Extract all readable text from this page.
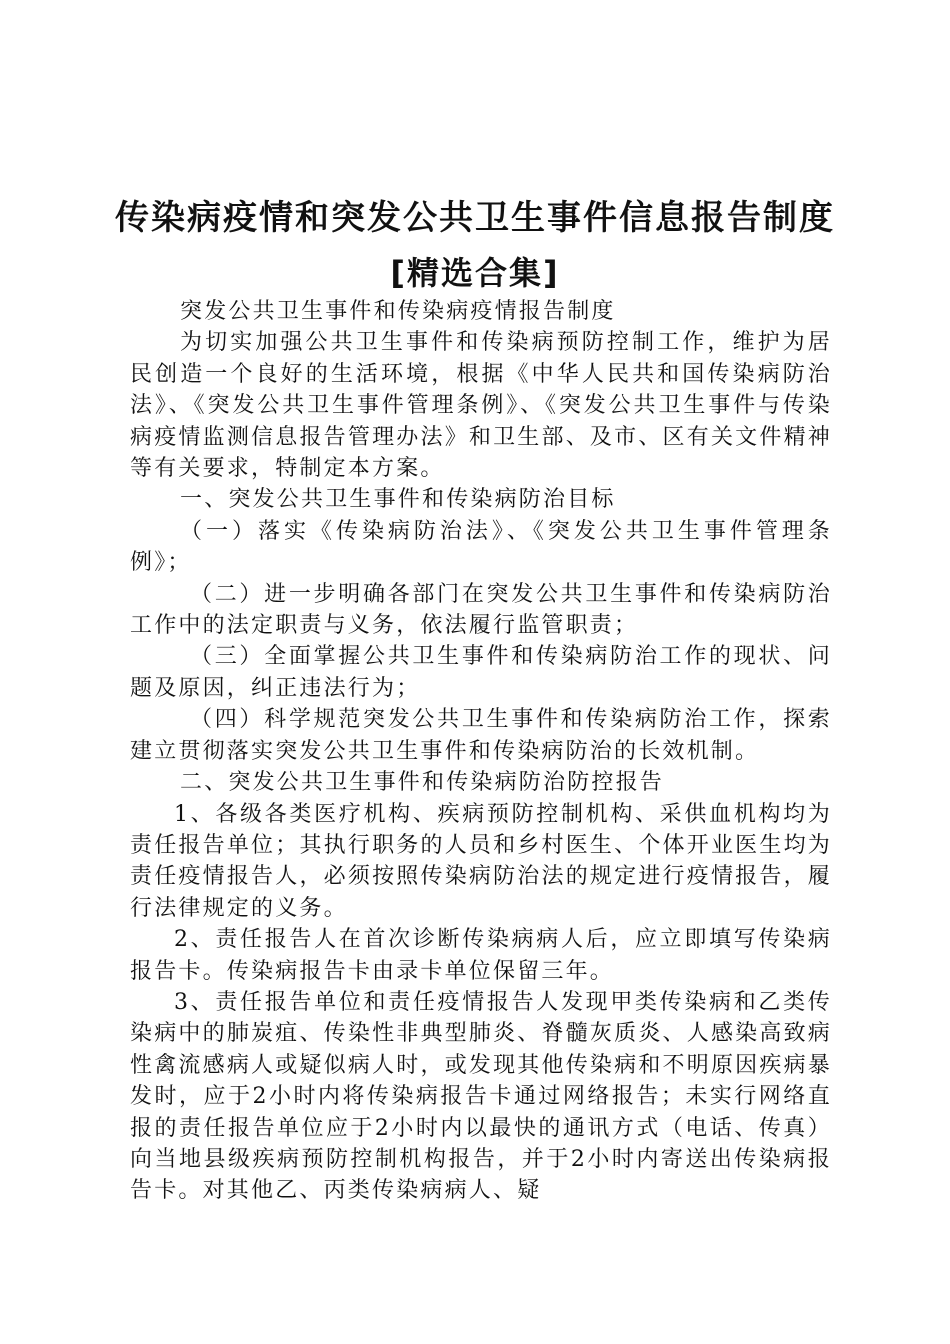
传染病疫情和突发公共卫生事件信息报告制度
[精选合集]

突发公共卫生事件和传染病疫情报告制度

为切实加强公共卫生事件和传染病预防控制工作，维护为居民创造一个良好的生活环境，根据《中华人民共和国传染病防治法》、《突发公共卫生事件管理条例》、《突发公共卫生事件与传染病疫情监测信息报告管理办法》和卫生部、及市、区有关文件精神等有关要求，特制定本方案。

一、突发公共卫生事件和传染病防治目标

（一）落实《传染病防治法》、《突发公共卫生事件管理条例》；

（二）进一步明确各部门在突发公共卫生事件和传染病防治工作中的法定职责与义务，依法履行监管职责；

（三）全面掌握公共卫生事件和传染病防治工作的现状、问题及原因，纠正违法行为；

（四）科学规范突发公共卫生事件和传染病防治工作，探索建立贯彻落实突发公共卫生事件和传染病防治的长效机制。

二、突发公共卫生事件和传染病防治防控报告

1、各级各类医疗机构、疾病预防控制机构、采供血机构均为责任报告单位；其执行职务的人员和乡村医生、个体开业医生均为责任疫情报告人，必须按照传染病防治法的规定进行疫情报告，履行法律规定的义务。

2、责任报告人在首次诊断传染病病人后，应立即填写传染病报告卡。传染病报告卡由录卡单位保留三年。

3、责任报告单位和责任疫情报告人发现甲类传染病和乙类传染病中的肺炭疽、传染性非典型肺炎、脊髓灰质炎、人感染高致病性禽流感病人或疑似病人时，或发现其他传染病和不明原因疾病暴发时，应于2小时内将传染病报告卡通过网络报告；未实行网络直报的责任报告单位应于2小时内以最快的通讯方式（电话、传真）向当地县级疾病预防控制机构报告，并于2小时内寄送出传染病报告卡。对其他乙、丙类传染病病人、疑
